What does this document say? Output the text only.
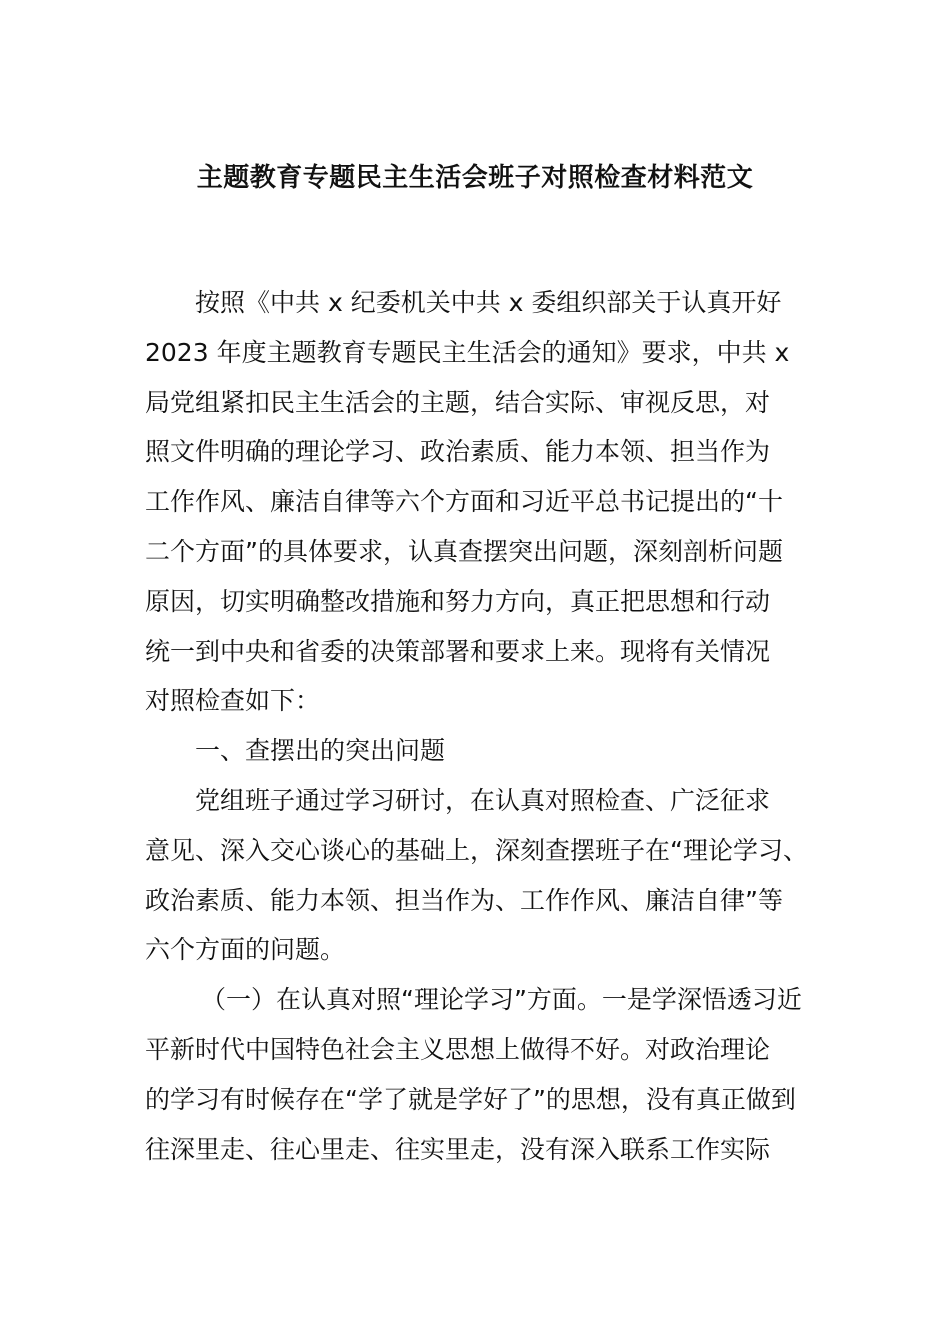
主题教育专题民主生活会班子对照检查材料范文
按照《中共 x 纪委机关中共 x 委组织部关于认真开好
2023 年度主题教育专题民主生活会的通知》要求，中共 x
局党组紧扣民主生活会的主题，结合实际、审视反思，对
照文件明确的理论学习、政治素质、能力本领、担当作为
工作作风、廉洁自律等六个方面和习近平总书记提出的“十
二个方面”的具体要求，认真查摆突出问题，深刻剖析问题
原因，切实明确整改措施和努力方向，真正把思想和行动
统一到中央和省委的决策部署和要求上来。现将有关情况
对照检查如下：
一、查摆出的突出问题
党组班子通过学习研讨，在认真对照检查、广泛征求
意见、深入交心谈心的基础上，深刻查摆班子在“理论学习、
政治素质、能力本领、担当作为、工作作风、廉洁自律”等
六个方面的问题。
（一）在认真对照“理论学习”方面。一是学深悟透习近
平新时代中国特色社会主义思想上做得不好。对政治理论
的学习有时候存在“学了就是学好了”的思想，没有真正做到
往深里走、往心里走、往实里走，没有深入联系工作实际
